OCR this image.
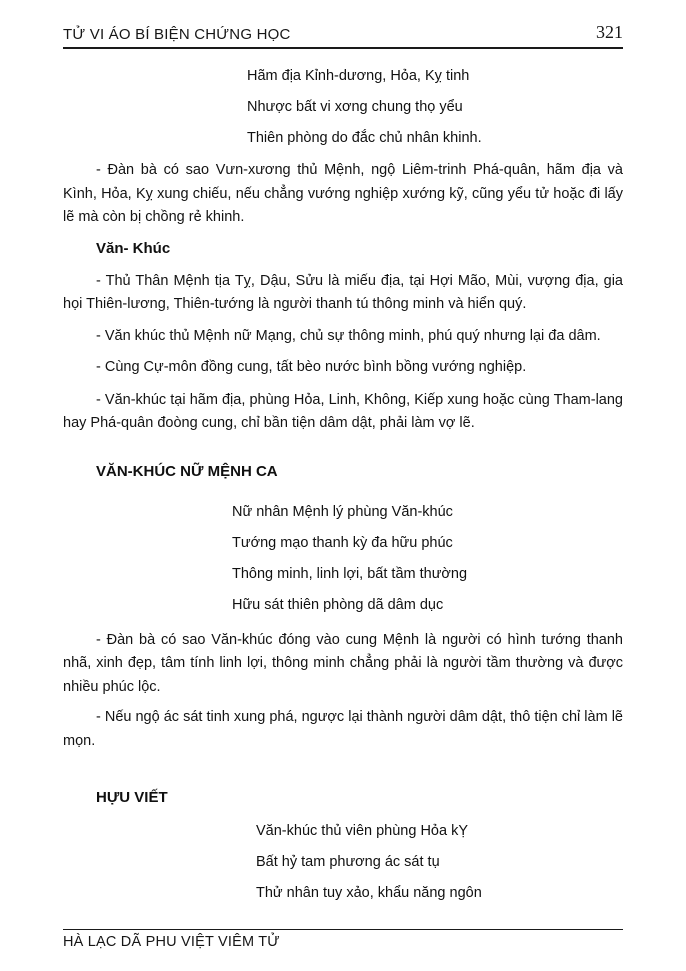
TỬ VI ÁO BÍ BIỆN CHỨNG HỌC	321

Hãm địa Kỉnh-dương, Hỏa, Kỵ tinh

Nhược bất vi xơng chung thọ yểu

Thiên phòng do đắc chủ nhân khinh.

- Đàn bà có sao Vưn-xương thủ Mệnh, ngộ Liêm-trinh Phá-quân, hãm địa và Kình, Hỏa, Kỵ xung chiếu, nếu chẳng vướng nghiệp xướng kỹ, cũng yểu tử hoặc đi lấy lẽ mà còn bị chồng rẻ khinh.

Văn- Khúc

- Thủ Thân Mệnh tịa Tỵ, Dậu, Sửu là miếu địa, tại Hợi Mão, Mùi, vượng địa, gia họi Thiên-lương, Thiên-tướng là người thanh tú thông minh và hiển quý.

- Văn khúc thủ Mệnh nữ Mạng, chủ sự thông minh, phú quý nhưng lại đa dâm.

- Cùng Cự-môn đồng cung, tất bèo nước bình bồng vướng nghiệp.

- Văn-khúc tại hãm địa, phùng Hỏa, Linh, Không, Kiếp xung hoặc cùng Tham-lang hay Phá-quân đoòng cung, chỉ bần tiện dâm dật, phải làm vợ lẽ.

VĂN-KHÚC NỮ MỆNH CA

Nữ nhân Mệnh lý phùng Văn-khúc

Tướng mạo thanh kỳ đa hữu phúc

Thông minh, linh lợi, bất tầm thường

Hữu sát thiên phòng dã dâm dục

- Đàn bà có sao Văn-khúc đóng vào cung Mệnh là người có hình tướng thanh nhã, xinh đẹp, tâm tính linh lợi, thông minh chẳng phải là người tầm thường và được nhiều phúc lộc.

- Nếu ngộ ác sát tinh xung phá, ngược lại thành người dâm dật, thô tiện chỉ làm lẽ mọn.

HỰU VIẾT

Văn-khúc thủ viên phùng Hỏa kỴ

Bất hỷ tam phương ác sát tụ

Thử nhân tuy xảo, khẩu năng ngôn

HÀ LẠC DÃ PHU VIỆT VIÊM TỬ
